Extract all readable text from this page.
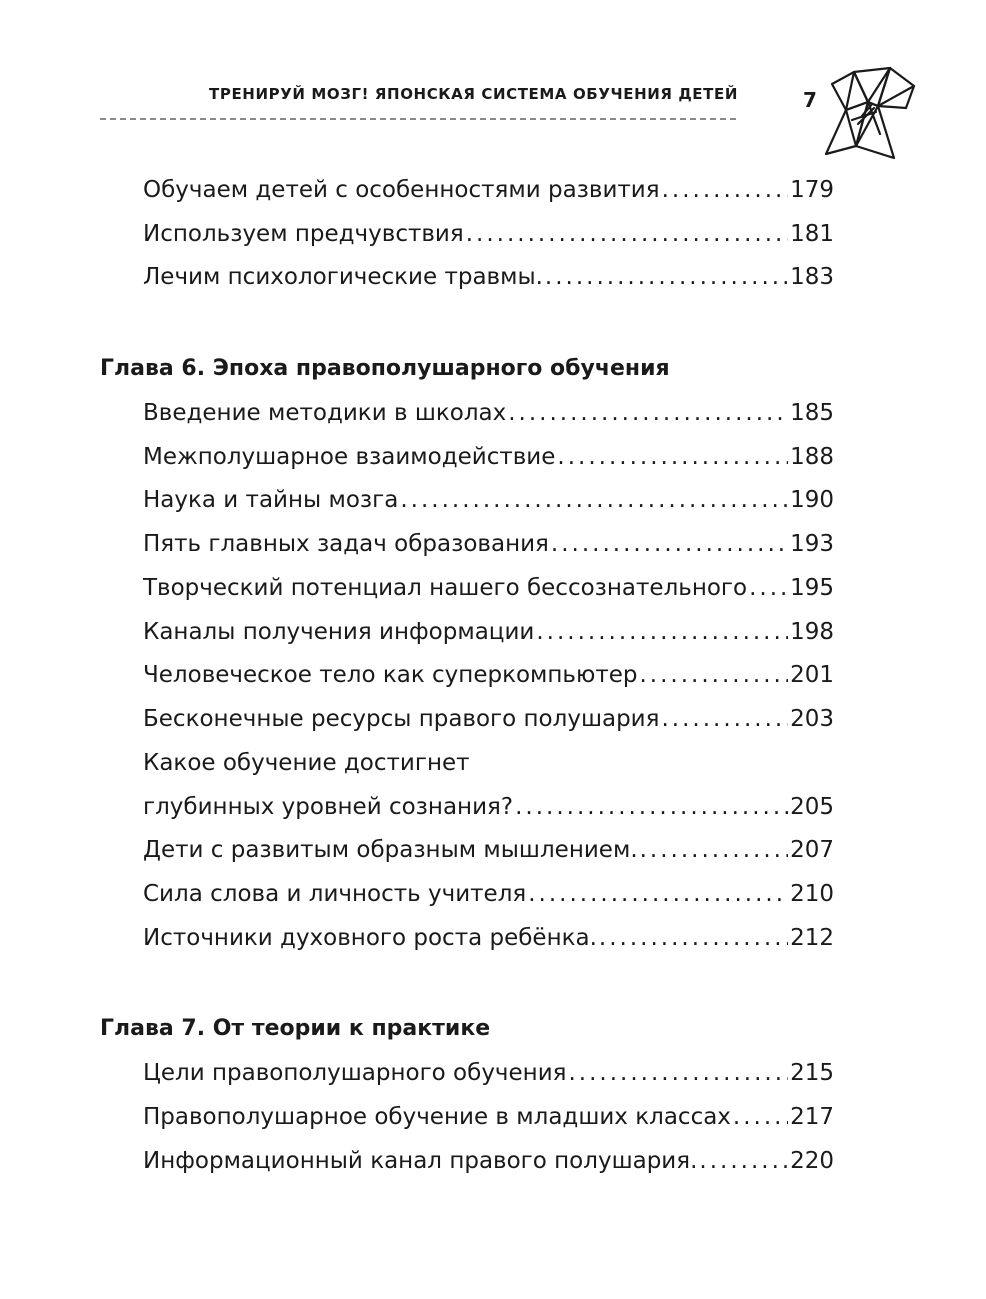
ТРЕНИРУЙ МОЗГ! ЯПОНСКАЯ СИСТЕМА ОБУЧЕНИЯ ДЕТЕЙ	7
Обучаем детей с особенностями развития .....	179
Используем предчувствия .....	181
Лечим психологические травмы. .....	183
Глава 6. Эпоха правополушарного обучения
Введение методики в школах .....	185
Межполушарное взаимодействие .....	188
Наука и тайны мозга .....	190
Пять главных задач образования .....	193
Творческий потенциал нашего бессознательного ..... 195
Каналы получения информации .....	198
Человеческое тело как суперкомпьютер .....	201
Бесконечные ресурсы правого полушария .....	203
Какое обучение достигнет
глубинных уровней сознания? .....	205
Дети с развитым образным мышлением. .....	207
Сила слова и личность учителя .....	210
Источники духовного роста ребёнка. .....	212
Глава 7. От теории к практике
Цели правополушарного обучения .....	215
Правополушарное обучение в младших классах .....	217
Информационный канал правого полушария. .....	220
